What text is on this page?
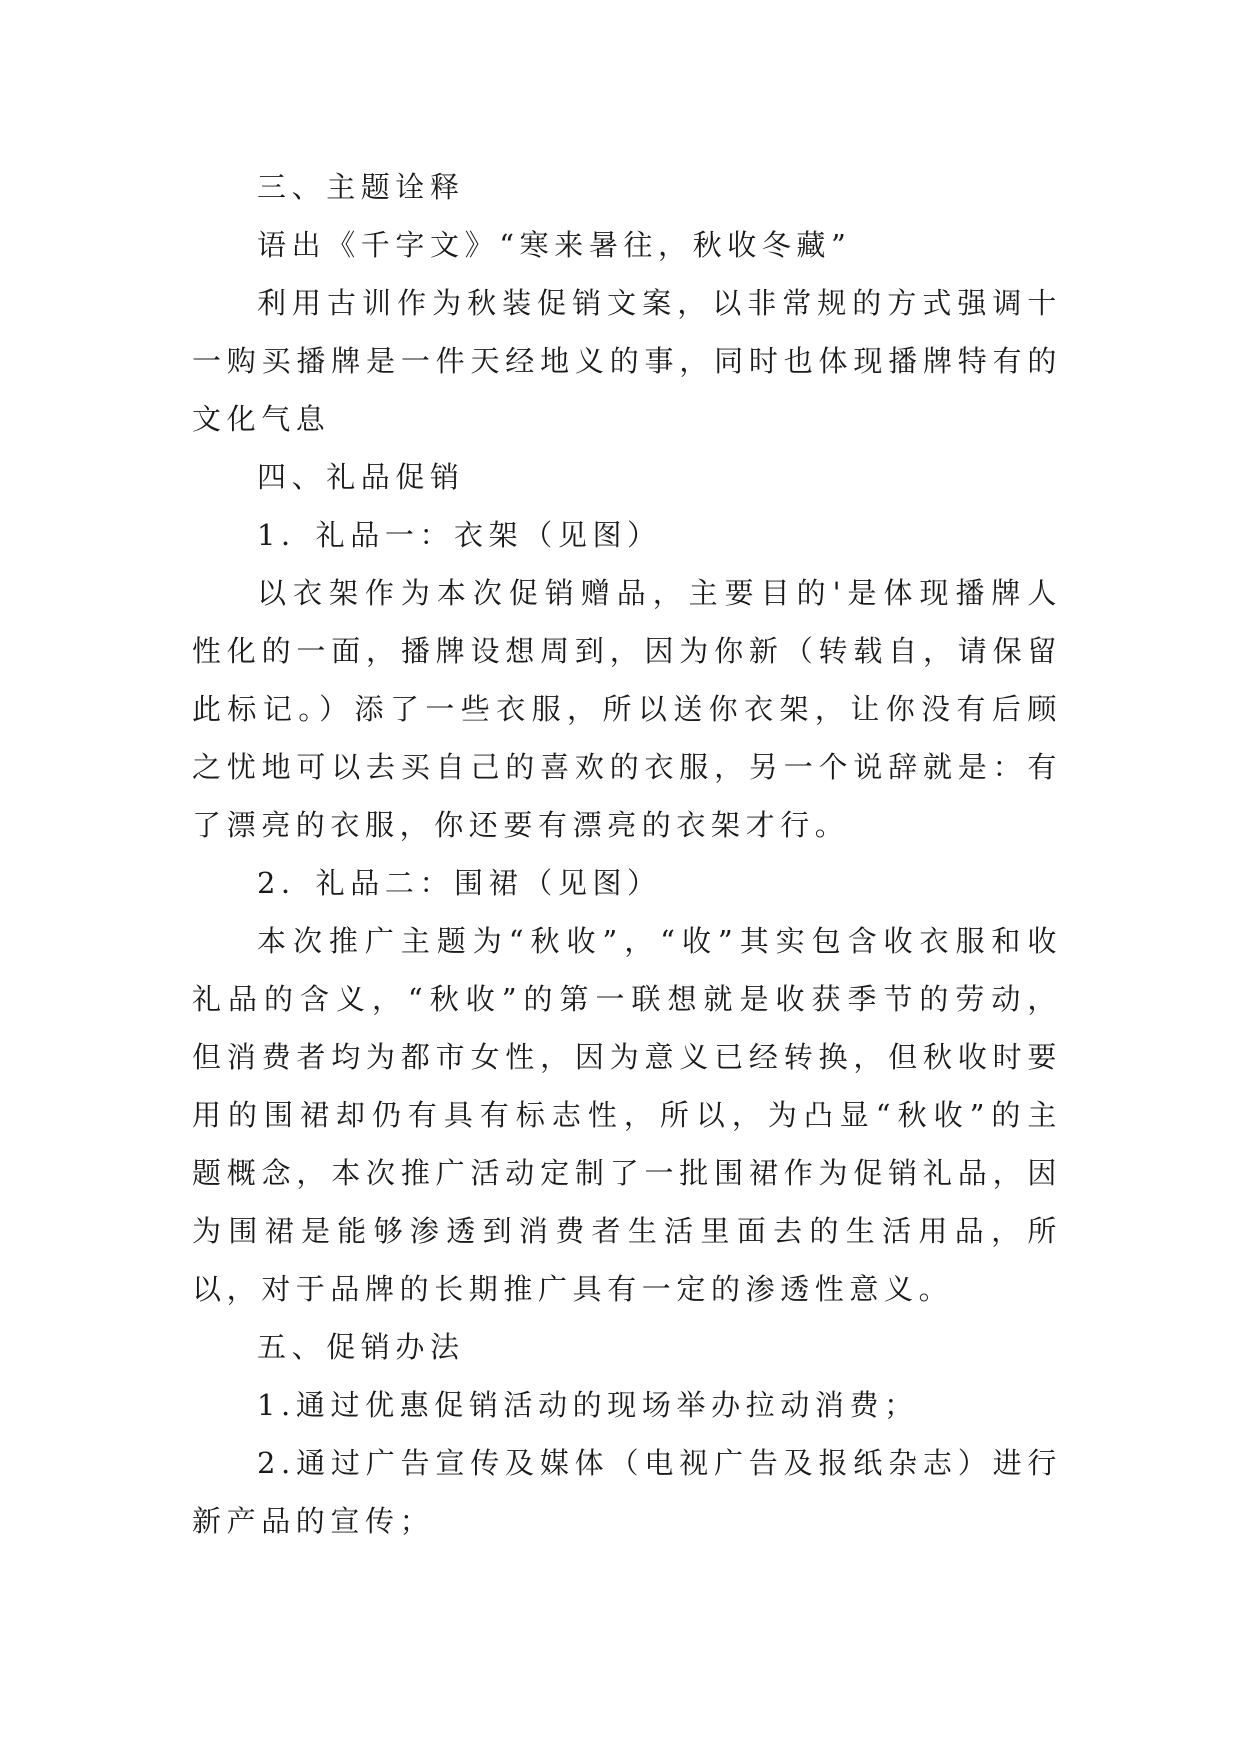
三、主题诠释

语出《千字文》“寒来暑往，秋收冬藏”

利用古训作为秋装促销文案，以非常规的方式强调十一购买播牌是一件天经地义的事，同时也体现播牌特有的文化气息

四、礼品促销

1．礼品一：衣架（见图）

以衣架作为本次促销赠品，主要目的'是体现播牌人性化的一面，播牌设想周到，因为你新（转载自，请保留此标记。）添了一些衣服，所以送你衣架，让你没有后顾之忧地可以去买自己的喜欢的衣服，另一个说辞就是：有了漂亮的衣服，你还要有漂亮的衣架才行。

2．礼品二：围裙（见图）

本次推广主题为“秋收”，“收”其实包含收衣服和收礼品的含义，“秋收”的第一联想就是收获季节的劳动，但消费者均为都市女性，因为意义已经转换，但秋收时要用的围裙却仍有具有标志性，所以，为凸显“秋收”的主题概念，本次推广活动定制了一批围裙作为促销礼品，因为围裙是能够渗透到消费者生活里面去的生活用品，所以，对于品牌的长期推广具有一定的渗透性意义。

五、促销办法

1.通过优惠促销活动的现场举办拉动消费；

2.通过广告宣传及媒体（电视广告及报纸杂志）进行新产品的宣传；
